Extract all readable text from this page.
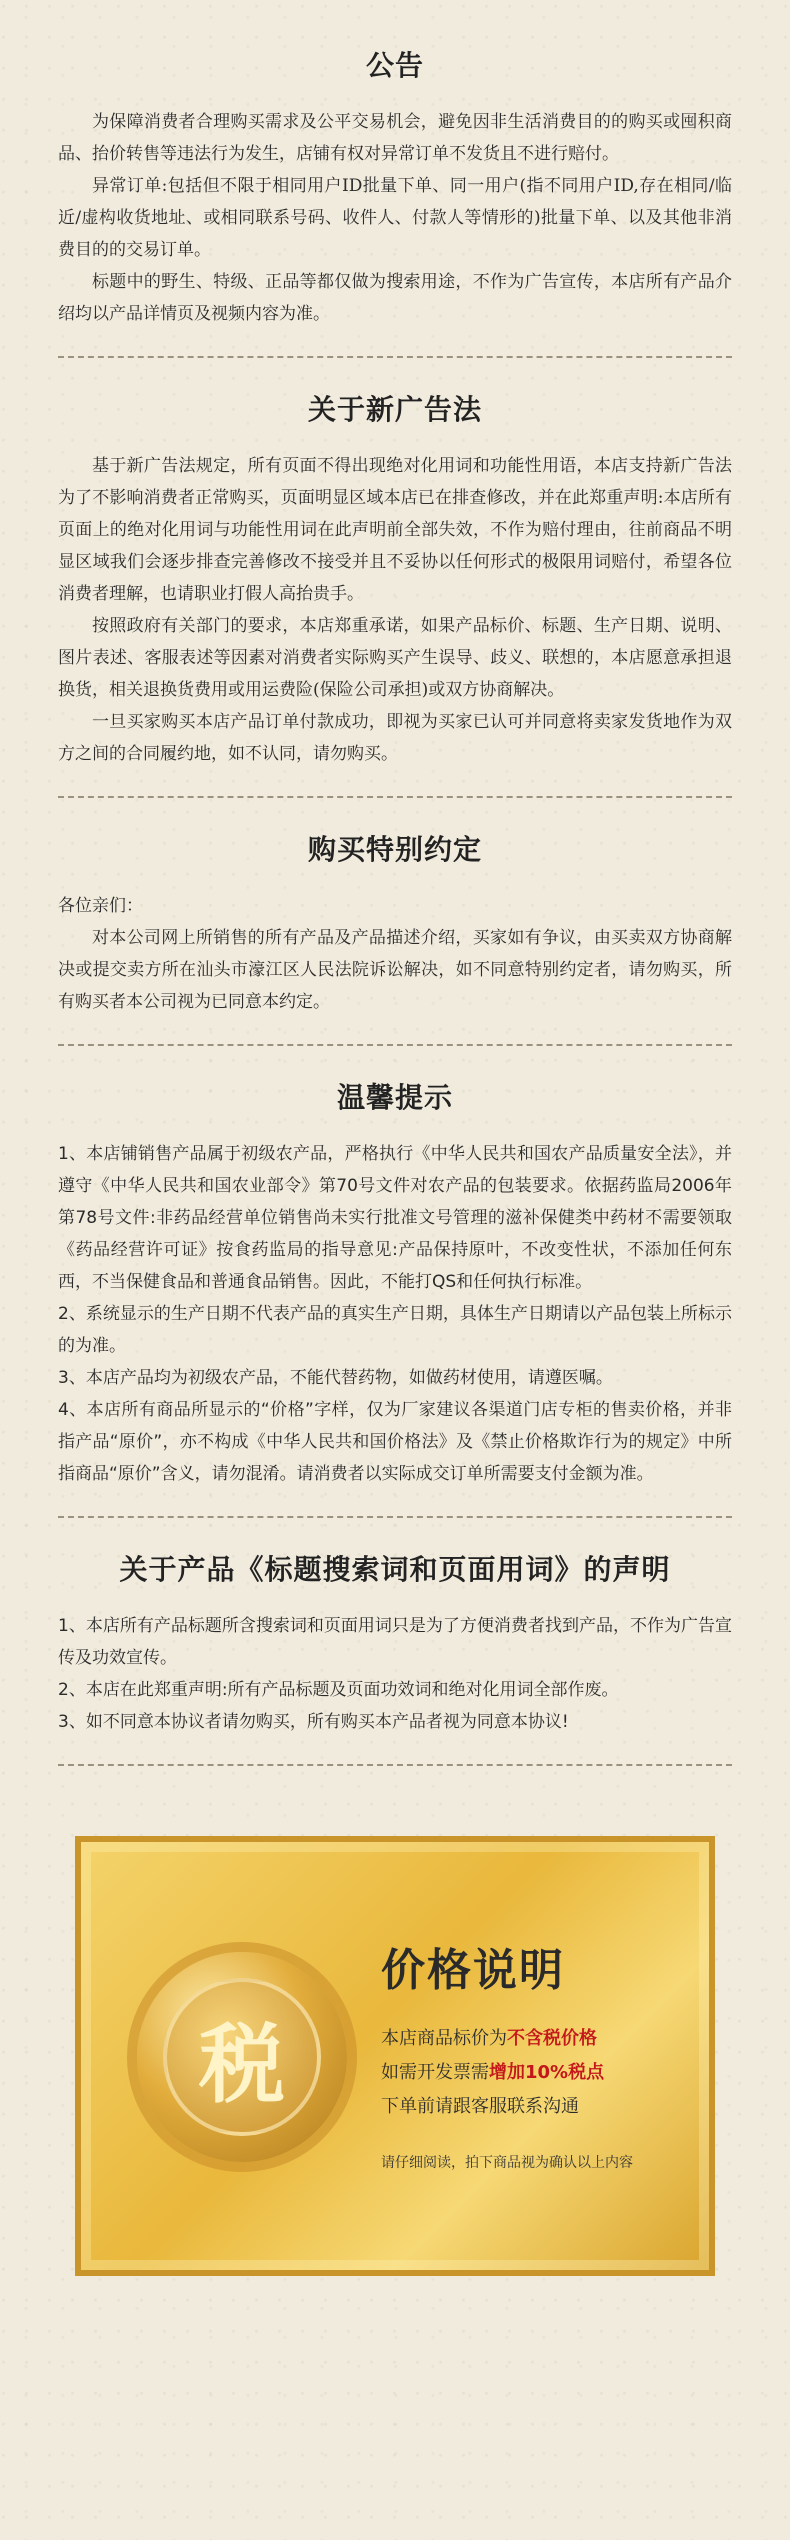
公告

为保障消费者合理购买需求及公平交易机会，避免因非生活消费目的的购买或囤积商品、抬价转售等违法行为发生，店铺有权对异常订单不发货且不进行赔付。

异常订单:包括但不限于相同用户ID批量下单、同一用户(指不同用户ID,存在相同/临近/虚构收货地址、或相同联系号码、收件人、付款人等情形的)批量下单、以及其他非消费目的的交易订单。

标题中的野生、特级、正品等都仅做为搜索用途，不作为广告宣传，本店所有产品介绍均以产品详情页及视频内容为准。

关于新广告法

基于新广告法规定，所有页面不得出现绝对化用词和功能性用语，本店支持新广告法为了不影响消费者正常购买，页面明显区域本店已在排查修改，并在此郑重声明:本店所有页面上的绝对化用词与功能性用词在此声明前全部失效，不作为赔付理由，往前商品不明显区域我们会逐步排查完善修改不接受并且不妥协以任何形式的极限用词赔付，希望各位消费者理解，也请职业打假人高抬贵手。

按照政府有关部门的要求，本店郑重承诺，如果产品标价、标题、生产日期、说明、图片表述、客服表述等因素对消费者实际购买产生误导、歧义、联想的，本店愿意承担退换货，相关退换货费用或用运费险(保险公司承担)或双方协商解决。

一旦买家购买本店产品订单付款成功，即视为买家已认可并同意将卖家发货地作为双方之间的合同履约地，如不认同，请勿购买。

购买特别约定

各位亲们：

对本公司网上所销售的所有产品及产品描述介绍，买家如有争议，由买卖双方协商解决或提交卖方所在汕头市濠江区人民法院诉讼解决，如不同意特别约定者，请勿购买，所有购买者本公司视为已同意本约定。

温馨提示

1、本店铺销售产品属于初级农产品，严格执行《中华人民共和国农产品质量安全法》，并遵守《中华人民共和国农业部令》第70号文件对农产品的包装要求。依据药监局2006年第78号文件:非药品经营单位销售尚未实行批准文号管理的滋补保健类中药材不需要领取《药品经营许可证》按食药监局的指导意见:产品保持原叶，不改变性状，不添加任何东西，不当保健食品和普通食品销售。因此，不能打QS和任何执行标准。

2、系统显示的生产日期不代表产品的真实生产日期，具体生产日期请以产品包装上所标示的为准。

3、本店产品均为初级农产品，不能代替药物，如做药材使用，请遵医嘱。

4、本店所有商品所显示的“价格”字样，仅为厂家建议各渠道门店专柜的售卖价格，并非指产品“原价”，亦不构成《中华人民共和国价格法》及《禁止价格欺诈行为的规定》中所指商品“原价”含义，请勿混淆。请消费者以实际成交订单所需要支付金额为准。

关于产品《标题搜索词和页面用词》的声明

1、本店所有产品标题所含搜索词和页面用词只是为了方便消费者找到产品，不作为广告宣传及功效宣传。

2、本店在此郑重声明:所有产品标题及页面功效词和绝对化用词全部作废。

3、如不同意本协议者请勿购买，所有购买本产品者视为同意本协议!

税
价格说明
本店商品标价为不含税价格
如需开发票需增加10%税点
下单前请跟客服联系沟通
请仔细阅读，拍下商品视为确认以上内容
